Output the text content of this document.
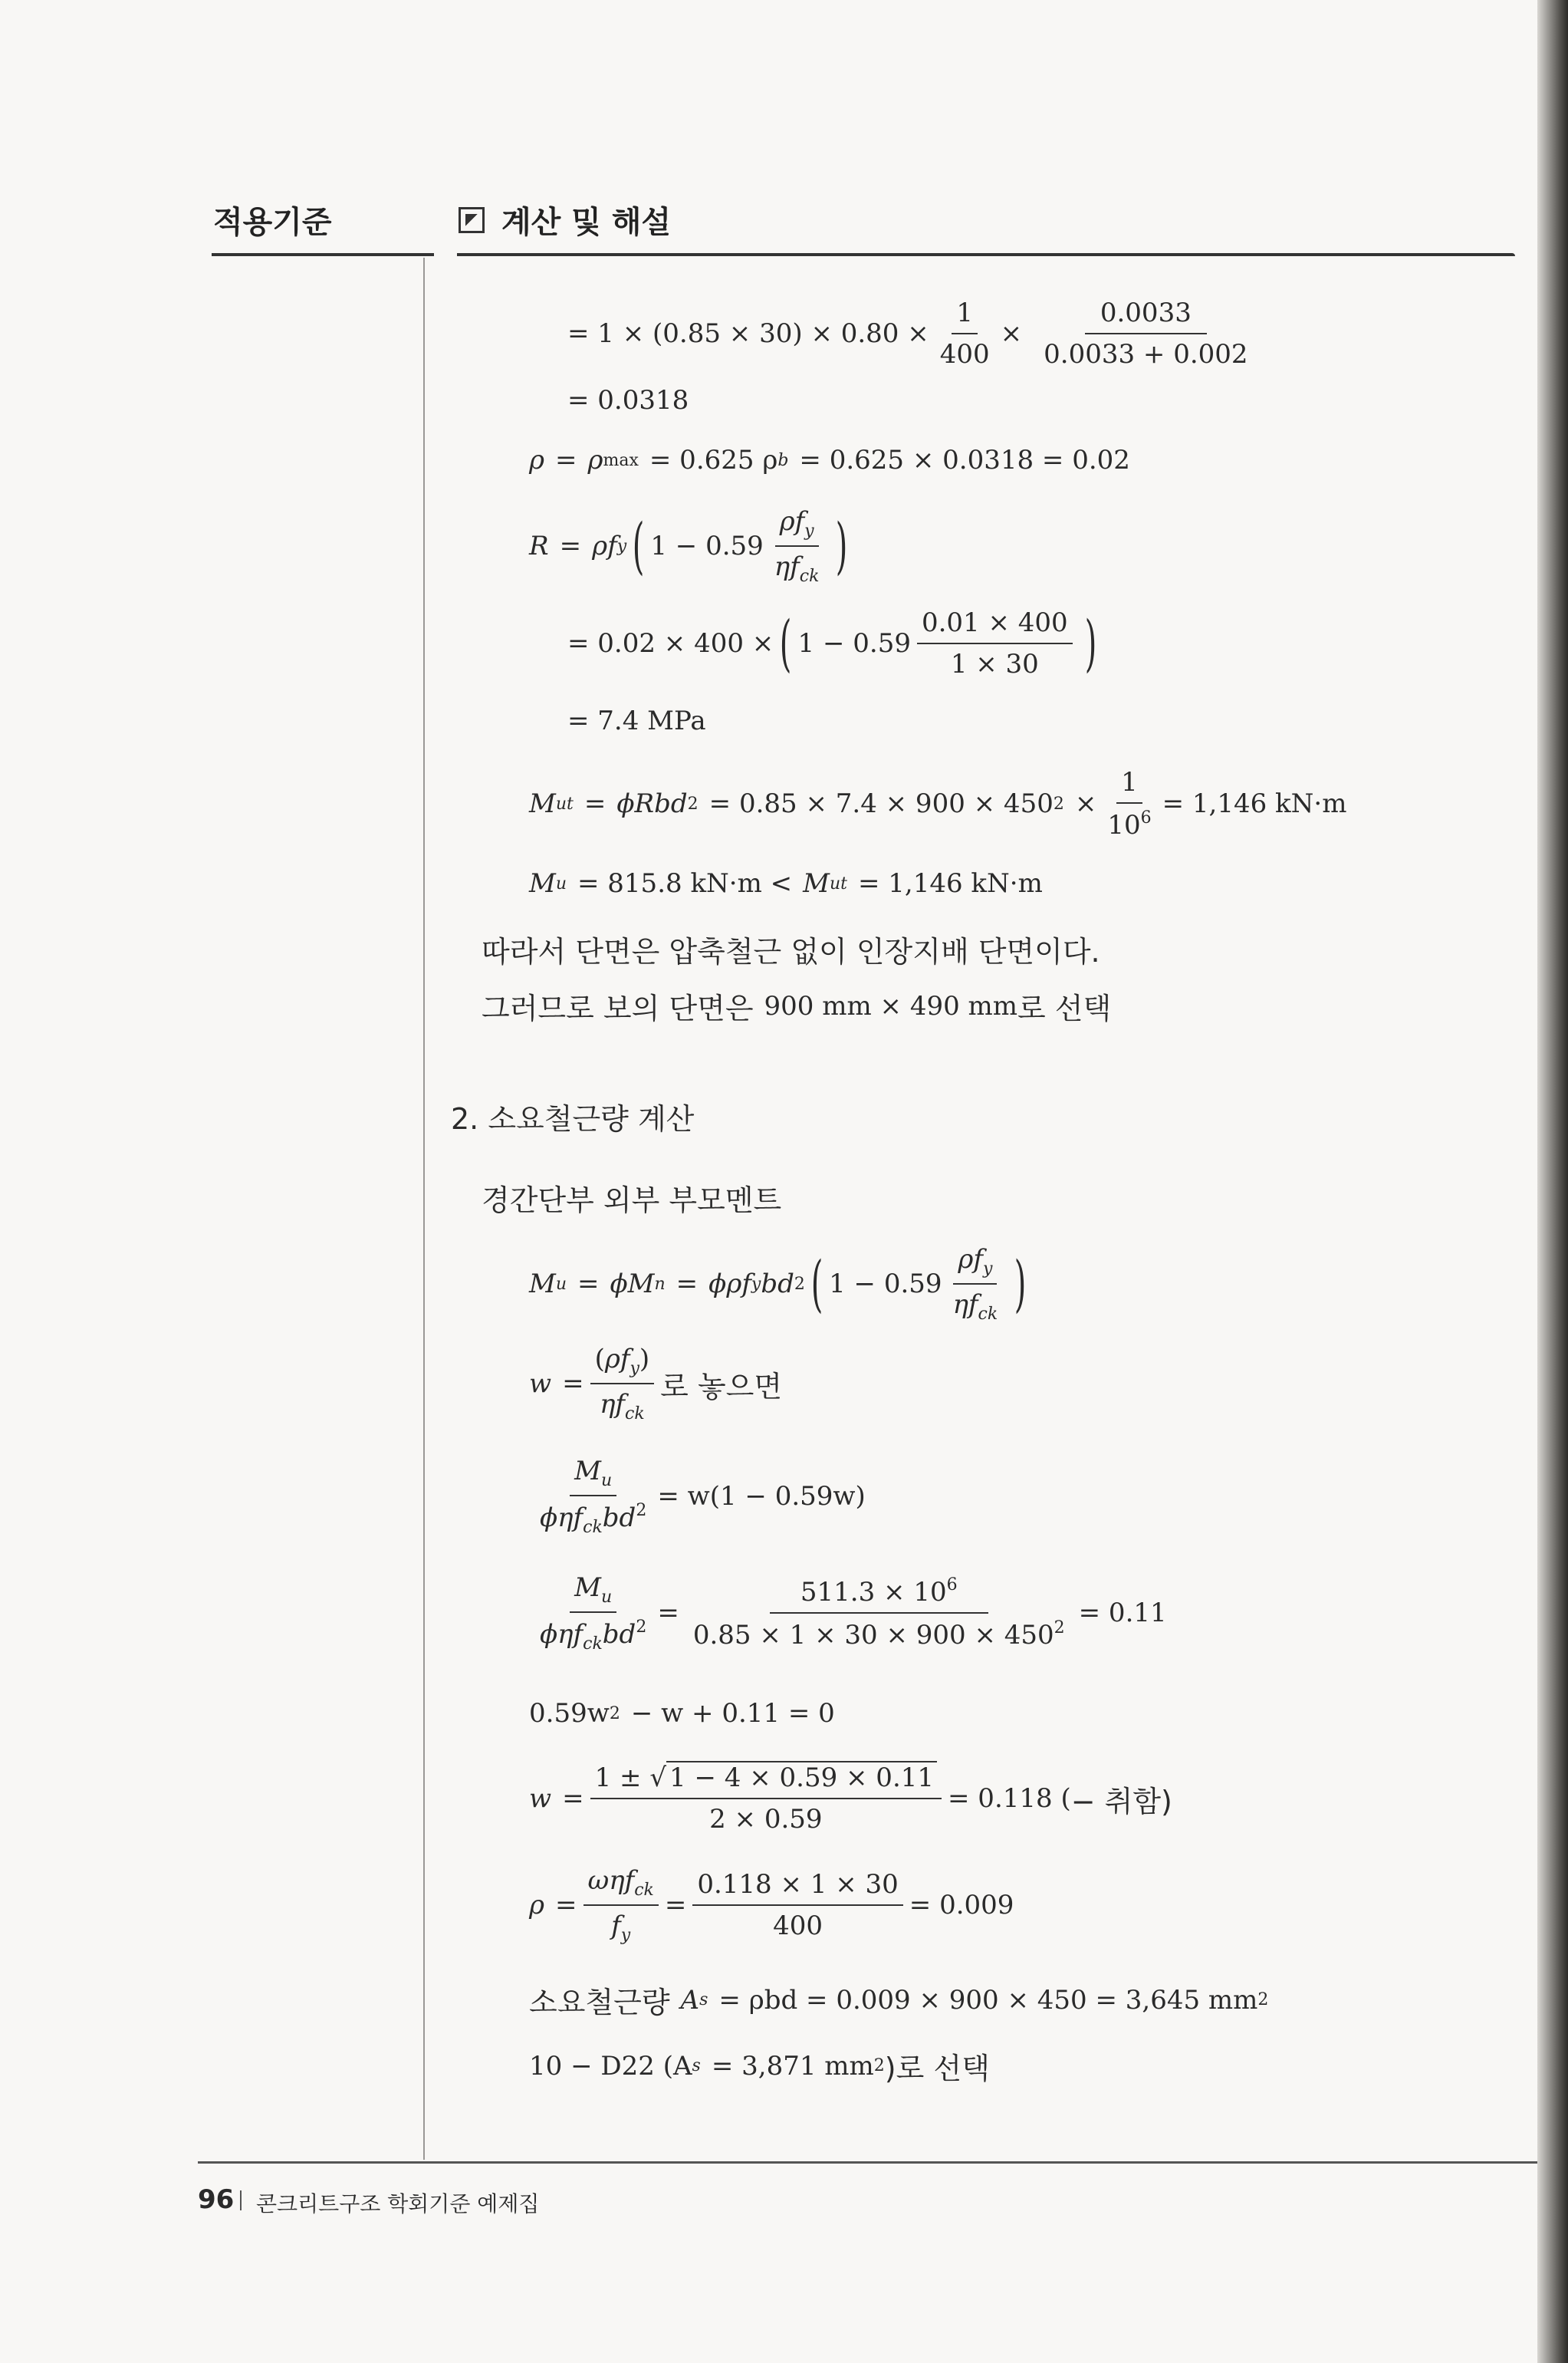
적용기준	계산 및 해설
= $1 \times (0.85 \times 30) \times 0.80 \times \frac{1}{400} \times \frac{0.0033}{0.0033 + 0.002}$
= 0.0318
ρ = ρ max = 0.625 ρ b = 0.625 × 0.0318 = 0.02
R = ρf y ( $1 - 0.59 \frac{\rho f_y}{\eta f_{ck}}$ )
= 0.02 × 400 × ( $1 - 0.59 \frac{0.01 \times 400}{1 \times 30}$ )
= 7.4 MPa
M ut = ϕRbd 2 = 0.85 × 7.4 × 900 × 450 $2 \times \frac{1}{10^6} = 1,146$ kN·m
M u = 815.8 kN·m < M ut = 1,146 kN·m
따라서 단면은 압축철근 없이 인장지배 단면이다.
그러므로 보의 단면은 900 mm × 490 mm 로 선택
2. 소요철근량 계산
경간단부 외부 부모멘트
M u = ϕM n = ϕρf y bd 2 ( $1 - 0.59 \frac{\rho f_y}{\eta f_{ck}}$ )
$w = \frac{(\rho f_y)}{\eta f_{ck}}$ 로 놓으면
$\frac{M_u}{\phi\eta f_{ck}bd^2} = w(1 - 0.59w)$
$\frac{M_u}{\phi\eta f_{ck}bd^2} = \frac{511.3 \times 10^6}{0.85 \times 1 \times 30 \times 900 \times 450^2} = 0.11$
0.59w 2 − w + 0.11 = 0
$w = \frac{1 \pm √ 1 - 4 \times 0.59 \times 0.11}{2 \times 0.59} = 0.118$ ( − 취함)
$\rho = \frac{\omega\eta f_{ck}}{f_y} = \frac{0.118 \times 1 \times 30}{400} = 0.009$
소요철근량 A s = ρbd = 0.009 × 900 × 450 = 3,645 mm 2
10 − D22 (A s = 3,871 mm 2 )로 선택
96 콘크리트구조 학회기준 예제집
